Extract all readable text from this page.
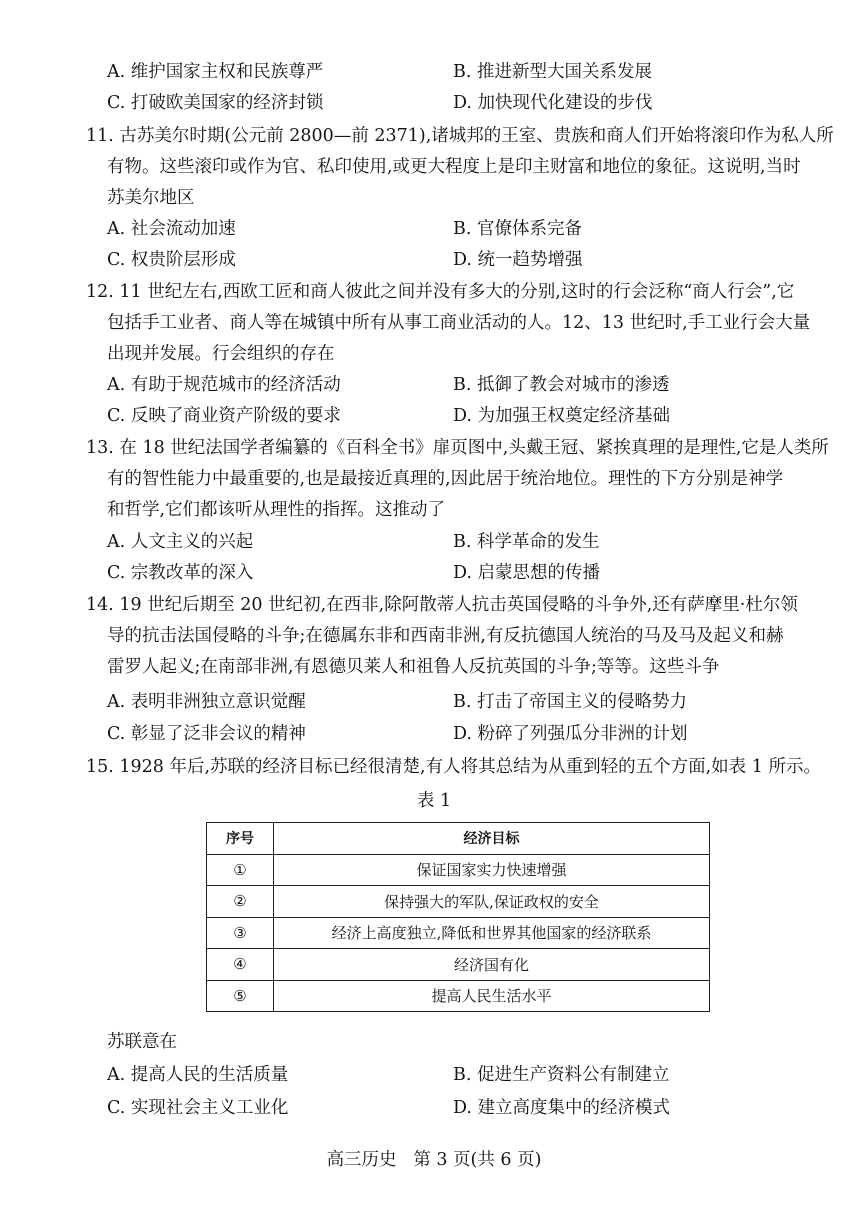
A. 维护国家主权和民族尊严	B. 推进新型大国关系发展
C. 打破欧美国家的经济封锁	D. 加快现代化建设的步伐
11. 古苏美尔时期(公元前 2800—前 2371),诸城邦的王室、贵族和商人们开始将滚印作为私人所
有物。这些滚印或作为官、私印使用,或更大程度上是印主财富和地位的象征。这说明,当时
苏美尔地区
A. 社会流动加速	B. 官僚体系完备
C. 权贵阶层形成	D. 统一趋势增强
12. 11 世纪左右,西欧工匠和商人彼此之间并没有多大的分别,这时的行会泛称“商人行会”,它
包括手工业者、商人等在城镇中所有从事工商业活动的人。12、13 世纪时,手工业行会大量
出现并发展。行会组织的存在
A. 有助于规范城市的经济活动	B. 抵御了教会对城市的渗透
C. 反映了商业资产阶级的要求	D. 为加强王权奠定经济基础
13. 在 18 世纪法国学者编纂的《百科全书》扉页图中,头戴王冠、紧挨真理的是理性,它是人类所
有的智性能力中最重要的,也是最接近真理的,因此居于统治地位。理性的下方分别是神学
和哲学,它们都该听从理性的指挥。这推动了
A. 人文主义的兴起	B. 科学革命的发生
C. 宗教改革的深入	D. 启蒙思想的传播
14. 19 世纪后期至 20 世纪初,在西非,除阿散蒂人抗击英国侵略的斗争外,还有萨摩里·杜尔领
导的抗击法国侵略的斗争;在德属东非和西南非洲,有反抗德国人统治的马及马及起义和赫
雷罗人起义;在南部非洲,有恩德贝莱人和祖鲁人反抗英国的斗争;等等。这些斗争
A. 表明非洲独立意识觉醒	B. 打击了帝国主义的侵略势力
C. 彰显了泛非会议的精神	D. 粉碎了列强瓜分非洲的计划
15. 1928 年后,苏联的经济目标已经很清楚,有人将其总结为从重到轻的五个方面,如表 1 所示。
表 1
序号	经济目标
①	保证国家实力快速增强
②	保持强大的军队,保证政权的安全
③	经济上高度独立,降低和世界其他国家的经济联系
④	经济国有化
⑤	提高人民生活水平
苏联意在
A. 提高人民的生活质量	B. 促进生产资料公有制建立
C. 实现社会主义工业化	D. 建立高度集中的经济模式
高三历史   第 3 页(共 6 页)
